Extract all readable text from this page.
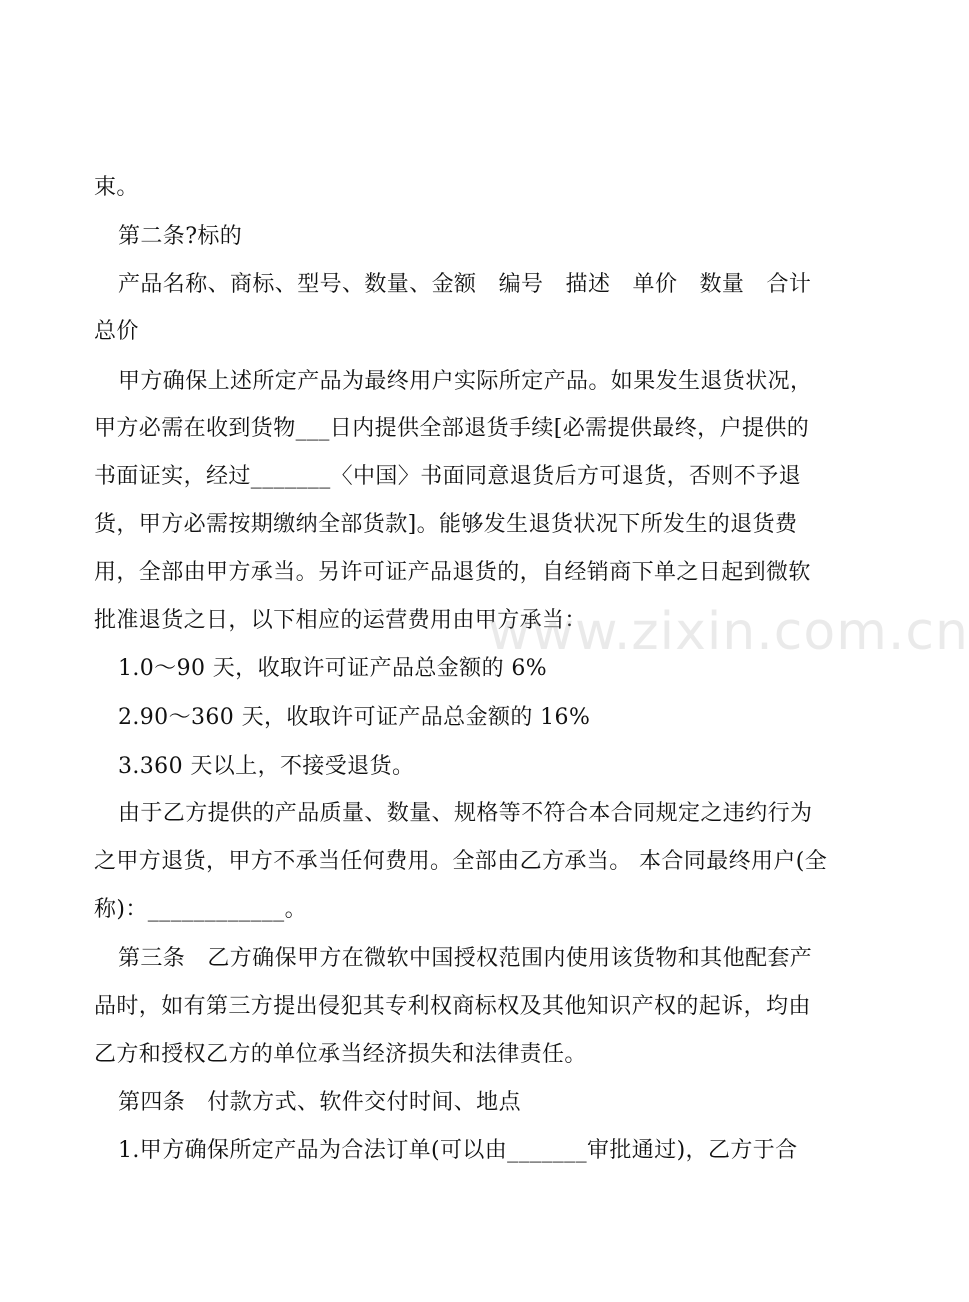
束。
第二条?标的
产品名称、商标、型号、数量、金额   编号   描述   单价   数量   合计
总价
甲方确保上述所定产品为最终用户实际所定产品。如果发生退货状况，
甲方必需在收到货物___日内提供全部退货手续[必需提供最终，户提供的
书面证实，经过_______〈中国〉书面同意退货后方可退货，否则不予退
货，甲方必需按期缴纳全部货款]。能够发生退货状况下所发生的退货费
用，全部由甲方承当。另许可证产品退货的，自经销商下单之日起到微软
批准退货之日，以下相应的运营费用由甲方承当：
1.0～90 天，收取许可证产品总金额的 6%
2.90～360 天，收取许可证产品总金额的 16%
3.360 天以上，不接受退货。
由于乙方提供的产品质量、数量、规格等不符合本合同规定之违约行为
之甲方退货，甲方不承当任何费用。全部由乙方承当。 本合同最终用户(全
称)：____________。
第三条   乙方确保甲方在微软中国授权范围内使用该货物和其他配套产
品时，如有第三方提出侵犯其专利权商标权及其他知识产权的起诉，均由
乙方和授权乙方的单位承当经济损失和法律责任。
第四条   付款方式、软件交付时间、地点
1.甲方确保所定产品为合法订单(可以由_______审批通过)，乙方于合
www.zixin.com.cn
